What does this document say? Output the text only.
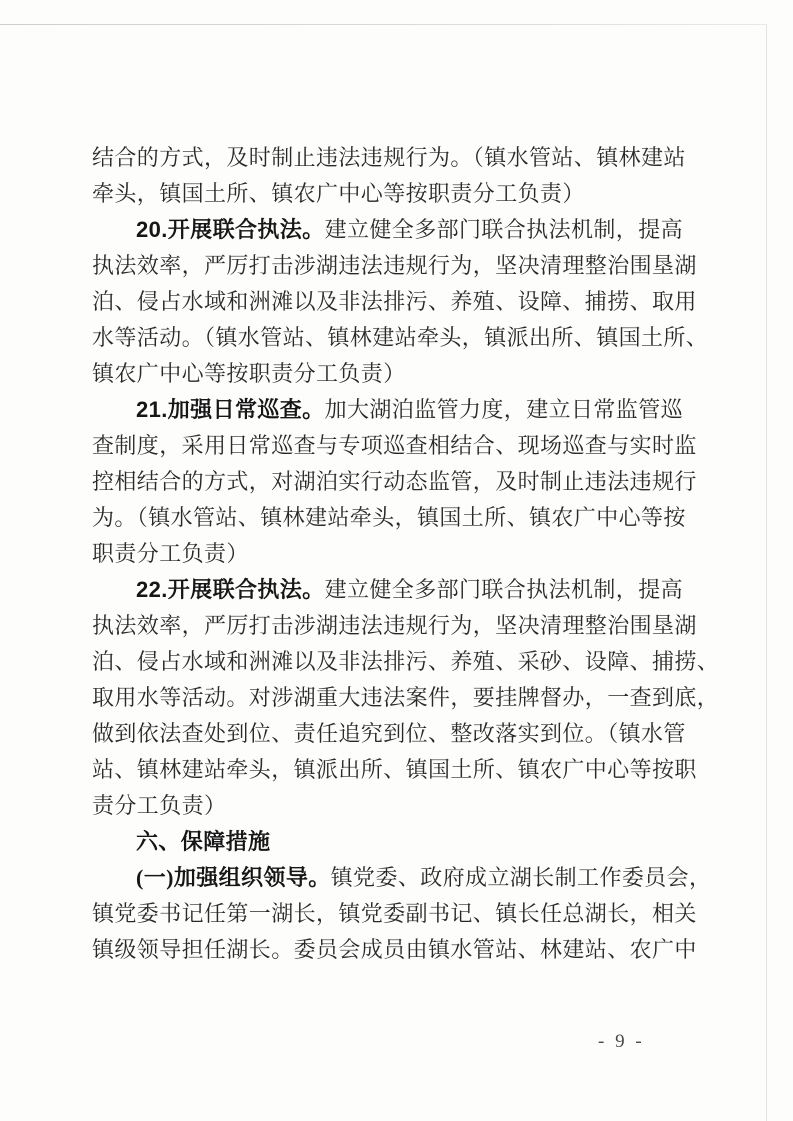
结合的方式，及时制止违法违规行为。（镇水管站、镇林建站
牵头，镇国土所、镇农广中心等按职责分工负责）
20.开展联合执法。建立健全多部门联合执法机制，提高
执法效率，严厉打击涉湖违法违规行为，坚决清理整治围垦湖
泊、侵占水域和洲滩以及非法排污、养殖、设障、捕捞、取用
水等活动。（镇水管站、镇林建站牵头，镇派出所、镇国土所、
镇农广中心等按职责分工负责）
21.加强日常巡查。加大湖泊监管力度，建立日常监管巡
查制度，采用日常巡查与专项巡查相结合、现场巡查与实时监
控相结合的方式，对湖泊实行动态监管，及时制止违法违规行
为。（镇水管站、镇林建站牵头，镇国土所、镇农广中心等按
职责分工负责）
22.开展联合执法。建立健全多部门联合执法机制，提高
执法效率，严厉打击涉湖违法违规行为，坚决清理整治围垦湖
泊、侵占水域和洲滩以及非法排污、养殖、采砂、设障、捕捞、
取用水等活动。对涉湖重大违法案件，要挂牌督办，一查到底，
做到依法查处到位、责任追究到位、整改落实到位。（镇水管
站、镇林建站牵头，镇派出所、镇国土所、镇农广中心等按职
责分工负责）
六、保障措施
(一)加强组织领导。镇党委、政府成立湖长制工作委员会，
镇党委书记任第一湖长，镇党委副书记、镇长任总湖长，相关
镇级领导担任湖长。委员会成员由镇水管站、林建站、农广中
- 9 -
